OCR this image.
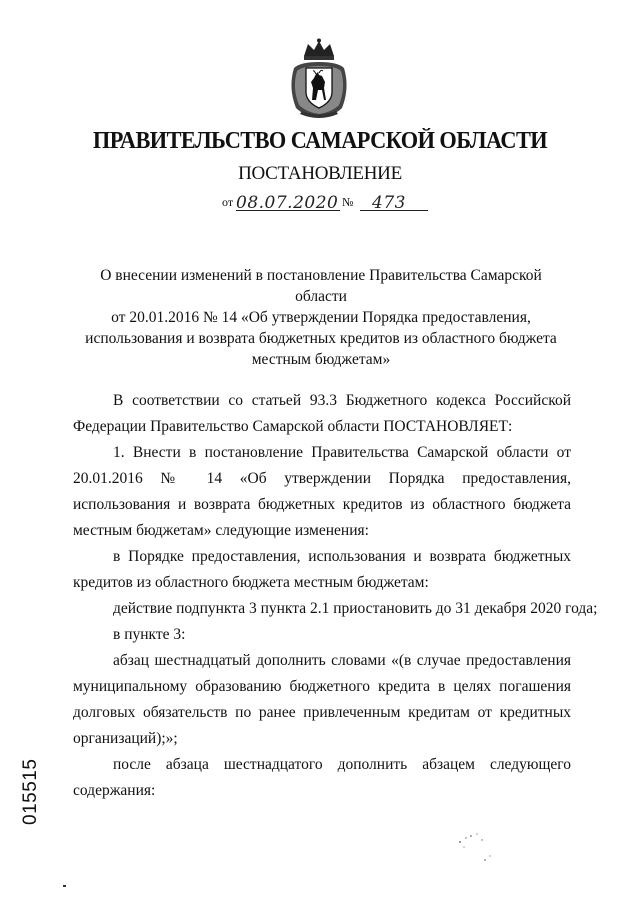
ПРАВИТЕЛЬСТВО САМАРСКОЙ ОБЛАСТИ
ПОСТАНОВЛЕНИЕ
от 08.07.2020 № 473
О внесении изменений в постановление Правительства Самарской области
от 20.01.2016 № 14 «Об утверждении Порядка предоставления,
использования и возврата бюджетных кредитов из областного бюджета
местным бюджетам»
В соответствии со статьей 93.3 Бюджетного кодекса Российской
Федерации Правительство Самарской области ПОСТАНОВЛЯЕТ:
1. Внести в постановление Правительства Самарской области от
20.01.2016 № 14 «Об утверждении Порядка предоставления,
использования и возврата бюджетных кредитов из областного бюджета
местным бюджетам» следующие изменения:
в Порядке предоставления, использования и возврата бюджетных
кредитов из областного бюджета местным бюджетам:
действие подпункта 3 пункта 2.1 приостановить до 31 декабря 2020 года;
в пункте 3:
абзац шестнадцатый дополнить словами «(в случае предоставления
муниципальному образованию бюджетного кредита в целях погашения
долговых обязательств по ранее привлеченным кредитам от кредитных
организаций);»;
после абзаца шестнадцатого дополнить абзацем следующего
содержания:
015515
